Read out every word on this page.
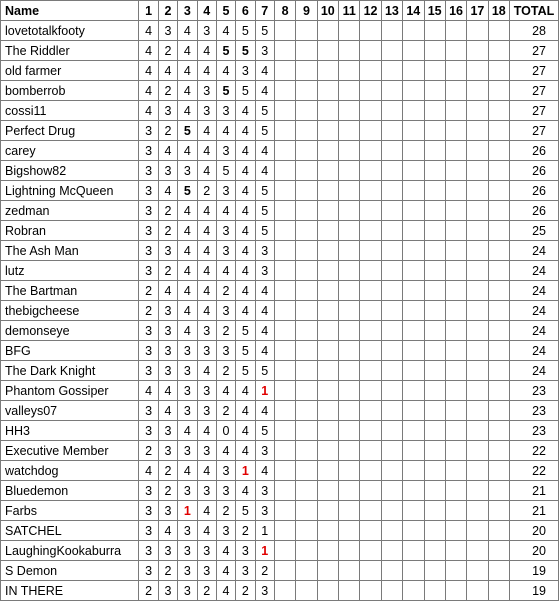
Name	1	2	3	4	5	6	7	8	9	10	11	12	13	14	15	16	17	18	TOTAL
lovetotalkfooty	4	3	4	3	4	5	5												28
The Riddler	4	2	4	4	5	5	3												27
old farmer	4	4	4	4	4	3	4												27
bomberrob	4	2	4	3	5	5	4												27
cossi11	4	3	4	3	3	4	5												27
Perfect Drug	3	2	5	4	4	4	5												27
carey	3	4	4	4	3	4	4												26
Bigshow82	3	3	3	4	5	4	4												26
Lightning McQueen	3	4	5	2	3	4	5												26
zedman	3	2	4	4	4	4	5												26
Robran	3	2	4	4	3	4	5												25
The Ash Man	3	3	4	4	3	4	3												24
lutz	3	2	4	4	4	4	3												24
The Bartman	2	4	4	4	2	4	4												24
thebigcheese	2	3	4	4	3	4	4												24
demonseye	3	3	4	3	2	5	4												24
BFG	3	3	3	3	3	5	4												24
The Dark Knight	3	3	3	4	2	5	5												24
Phantom Gossiper	4	4	3	3	4	4	1												23
valleys07	3	4	3	3	2	4	4												23
HH3	3	3	4	4	0	4	5												23
Executive Member	2	3	3	3	4	4	3												22
watchdog	4	2	4	4	3	1	4												22
Bluedemon	3	2	3	3	3	4	3												21
Farbs	3	3	1	4	2	5	3												21
SATCHEL	3	4	3	4	3	2	1												20
LaughingKookaburra	3	3	3	3	4	3	1												20
S Demon	3	2	3	3	4	3	2												19
IN THERE	2	3	3	2	4	2	3												19
